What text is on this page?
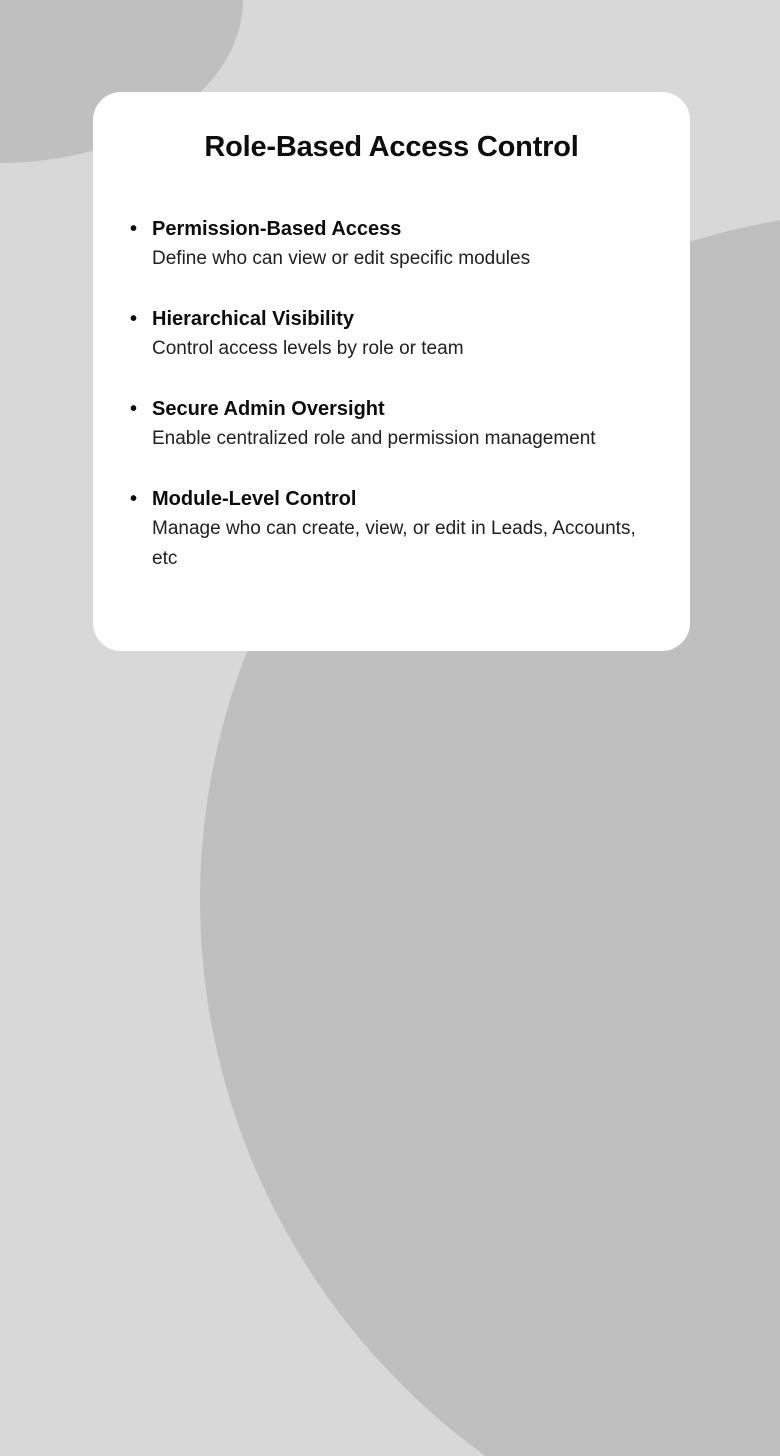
Role-Based Access Control
• Permission-Based Access
Define who can view or edit specific modules
• Hierarchical Visibility
Control access levels by role or team
• Secure Admin Oversight
Enable centralized role and permission management
• Module-Level Control
Manage who can create, view, or edit in Leads, Accounts, etc
